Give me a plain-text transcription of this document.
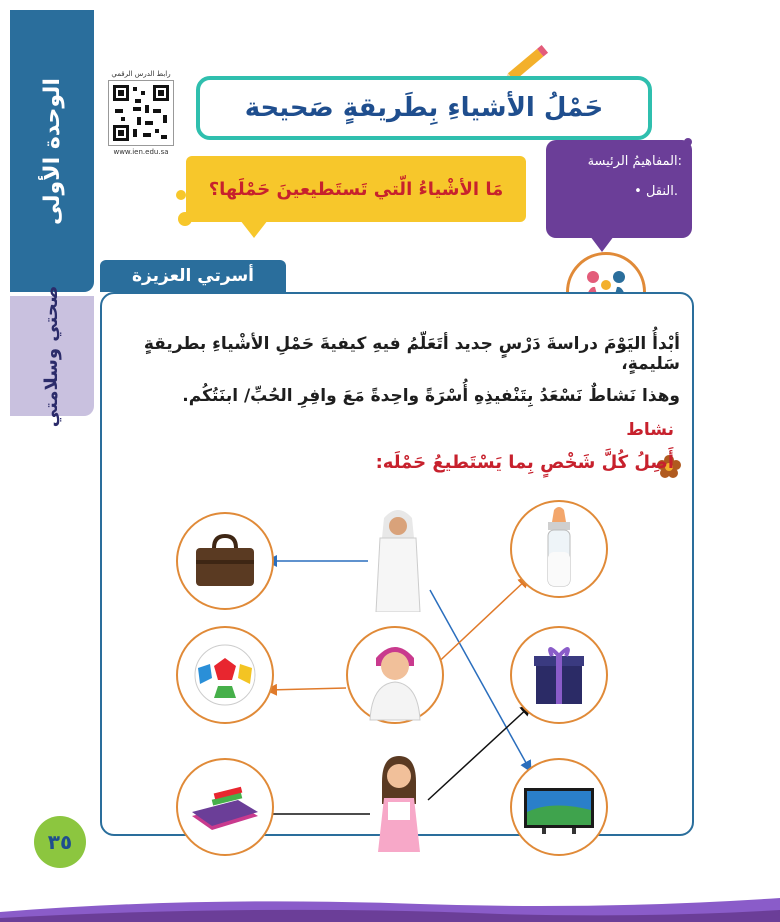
الوحدة الأولى
صحتي وسلامتي
رابط الدرس الرقمي
www.ien.edu.sa
حَمْلُ الأشياءِ بِطَريقةٍ صَحيحة
مَا الأشْياءُ الّتي تَستَطيعينَ حَمْلَها؟
المفاهيمُ الرئيسة:
• النقل.
أسرتي العزيزة
أبْدأُ اليَوْمَ دراسةَ دَرْسٍ جديد أتَعَلّمُ فيهِ كيفيةَ حَمْلِ الأشْياءِ بطريقةٍ سَليمةٍ،
وهذا نَشاطٌ نَسْعَدُ بِتَنْفيذِهِ أُسْرَةً واحِدةً مَعَ وافِرِ الحُبِّ/ ابنَتُكُم.
نشاط
أَصِلُ كُلَّ شَخْصٍ بِما يَسْتَطيعُ حَمْلَه:
٣٥
